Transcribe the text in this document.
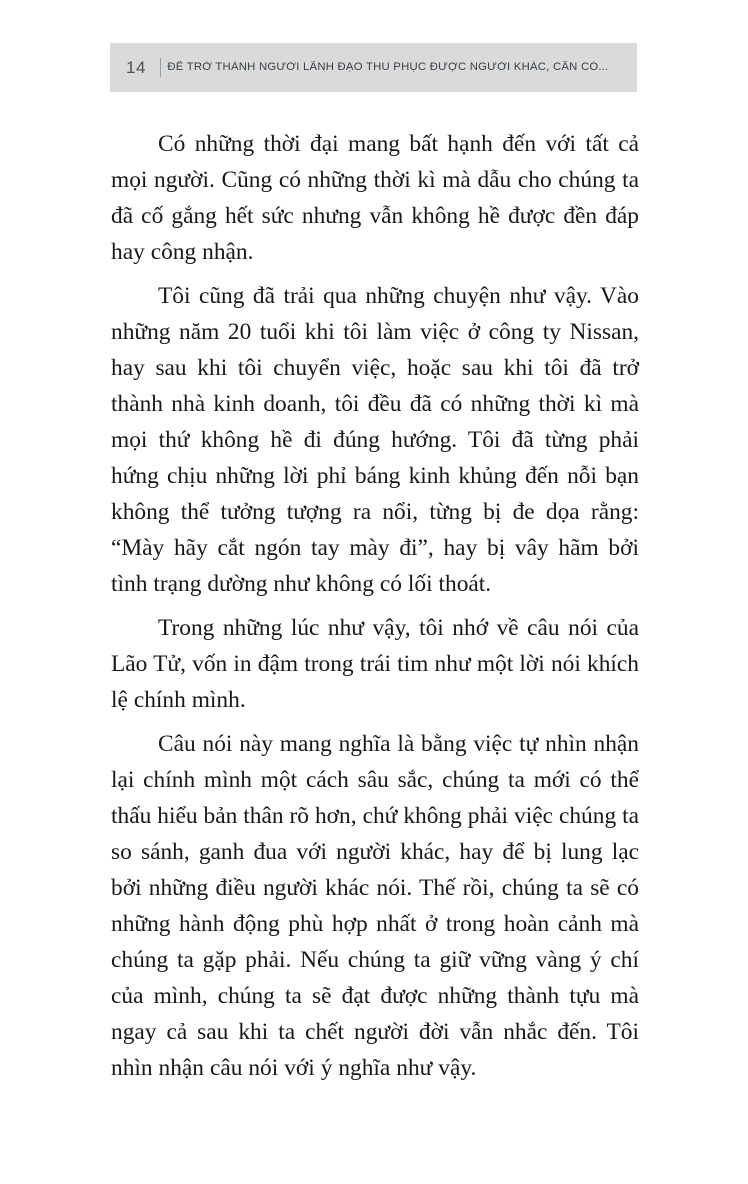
14	ĐỂ TRỞ THÀNH NGƯỜI LÃNH ĐẠO THU PHỤC ĐƯỢC NGƯỜI KHÁC, CẦN CÓ...

Có những thời đại mang bất hạnh đến với tất cả mọi người. Cũng có những thời kì mà dẫu cho chúng ta đã cố gắng hết sức nhưng vẫn không hề được đền đáp hay công nhận.

Tôi cũng đã trải qua những chuyện như vậy. Vào những năm 20 tuổi khi tôi làm việc ở công ty Nissan, hay sau khi tôi chuyển việc, hoặc sau khi tôi đã trở thành nhà kinh doanh, tôi đều đã có những thời kì mà mọi thứ không hề đi đúng hướng. Tôi đã từng phải hứng chịu những lời phỉ báng kinh khủng đến nỗi bạn không thể tưởng tượng ra nổi, từng bị đe dọa rằng: “Mày hãy cắt ngón tay mày đi”, hay bị vây hãm bởi tình trạng dường như không có lối thoát.

Trong những lúc như vậy, tôi nhớ về câu nói của Lão Tử, vốn in đậm trong trái tim như một lời nói khích lệ chính mình.

Câu nói này mang nghĩa là bằng việc tự nhìn nhận lại chính mình một cách sâu sắc, chúng ta mới có thể thấu hiểu bản thân rõ hơn, chứ không phải việc chúng ta so sánh, ganh đua với người khác, hay để bị lung lạc bởi những điều người khác nói. Thế rồi, chúng ta sẽ có những hành động phù hợp nhất ở trong hoàn cảnh mà chúng ta gặp phải. Nếu chúng ta giữ vững vàng ý chí của mình, chúng ta sẽ đạt được những thành tựu mà ngay cả sau khi ta chết người đời vẫn nhắc đến. Tôi nhìn nhận câu nói với ý nghĩa như vậy.
